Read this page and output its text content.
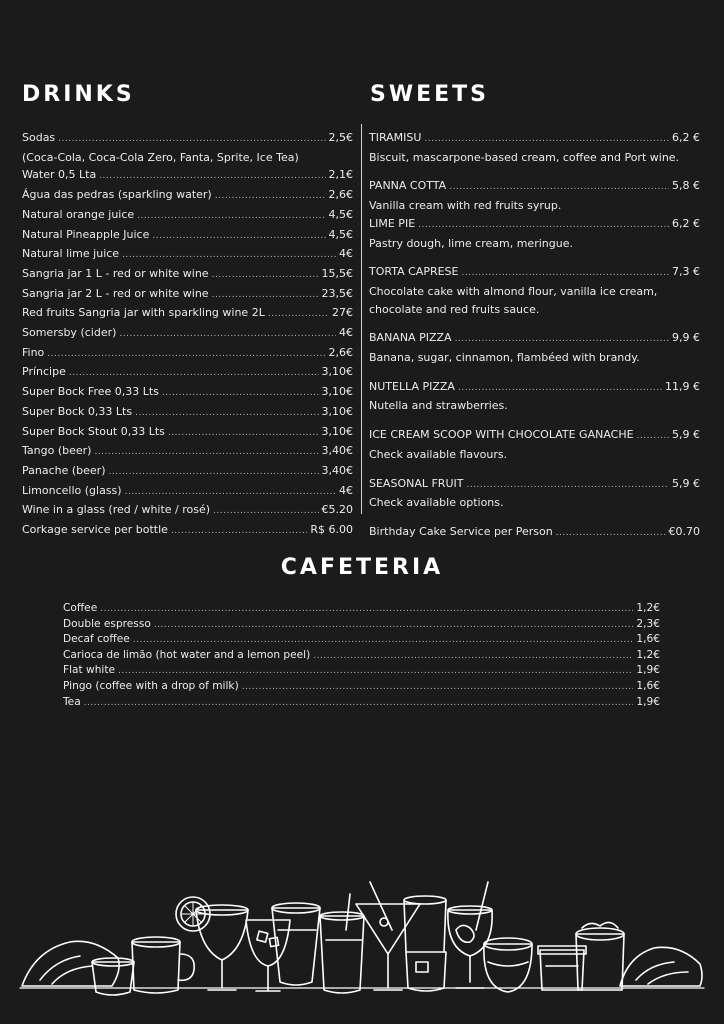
DRINKS	SWEETS
Sodas .....	2,5€
(Coca-Cola, Coca-Cola Zero, Fanta, Sprite, Ice Tea)
Water 0,5 Lta .....	2,1€
Água das pedras (sparkling water) .....	2,6€
Natural orange juice .....	4,5€
Natural Pineapple Juice .....	4,5€
Natural lime juice .....	4€
Sangria jar 1 L - red or white wine .....	15,5€
Sangria jar 2 L - red or white wine .....	23,5€
Red fruits Sangria jar with sparkling wine 2L .....	27€
Somersby (cider) .....	4€
Fino .....	2,6€
Príncipe .....	3,10€
Super Bock Free 0,33 Lts .....	3,10€
Super Bock 0,33 Lts .....	3,10€
Super Bock Stout 0,33 Lts .....	3,10€
Tango (beer) .....	3,40€
Panache (beer) .....	3,40€
Limoncello (glass) .....	4€
Wine in a glass (red / white / rosé) .....	€5.20
Corkage service per bottle .....	R$ 6.00
TIRAMISU .....	6,2 €
Biscuit, mascarpone-based cream, coffee and Port wine.
PANNA COTTA .....	5,8 €
Vanilla cream with red fruits syrup.
LIME PIE .....	6,2 €
Pastry dough, lime cream, meringue.
TORTA CAPRESE .....	7,3 €
Chocolate cake with almond flour, vanilla ice cream, chocolate and red fruits sauce.
BANANA PIZZA .....	9,9 €
Banana, sugar, cinnamon, flambéed with brandy.
NUTELLA PIZZA .....	11,9 €
Nutella and strawberries.
ICE CREAM SCOOP WITH CHOCOLATE GANACHE .....	5,9 €
Check available flavours.
SEASONAL FRUIT .....	5,9 €
Check available options.
Birthday Cake Service per Person .....	€0.70
CAFETERIA
Coffee .....	1,2€
Double espresso .....	2,3€
Decaf coffee .....	1,6€
Carioca de limão (hot water and a lemon peel) .....	1,2€
Flat white .....	1,9€
Pingo (coffee with a drop of milk) .....	1,6€
Tea .....	1,9€
